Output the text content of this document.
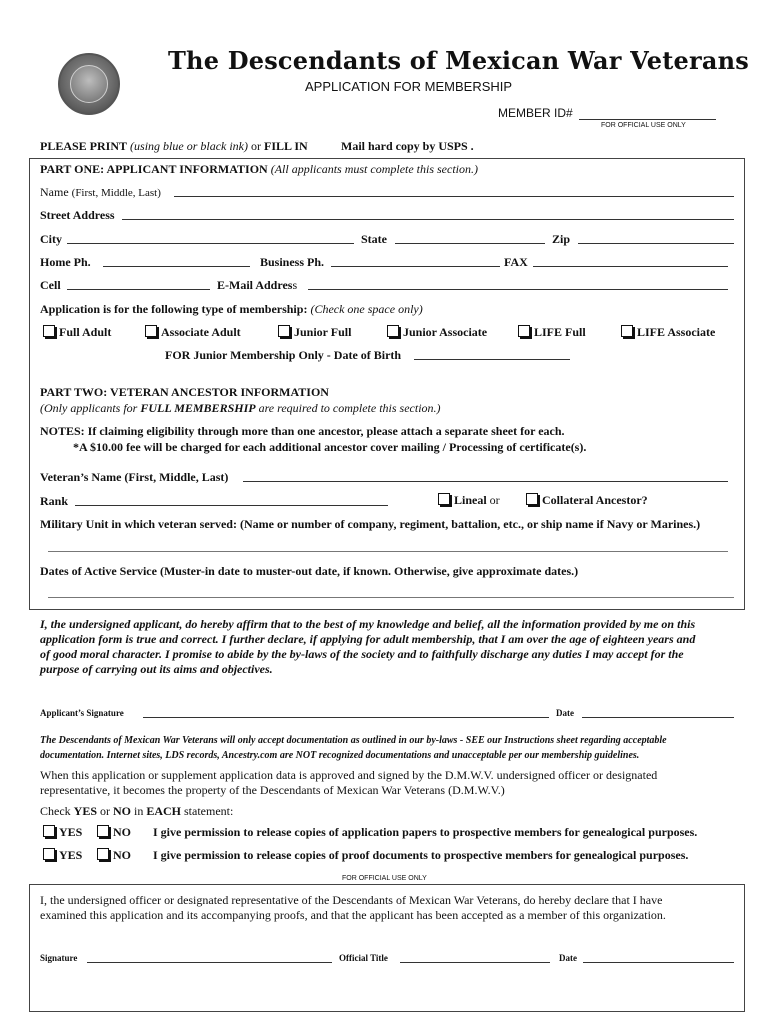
The Descendants of Mexican War Veterans
APPLICATION FOR MEMBERSHIP
MEMBER ID#
FOR OFFICIAL USE ONLY
PLEASE PRINT (using blue or black ink) or FILL IN	Mail hard copy by USPS .
PART ONE: APPLICANT INFORMATION (All applicants must complete this section.)
Name (First, Middle, Last)
Street Address
City	State	Zip
Home Ph.	Business Ph.	FAX
Cell	E-Mail Address
Application is for the following type of membership: (Check one space only)
Full Adult	Associate Adult	Junior Full	Junior Associate	LIFE Full	LIFE Associate
FOR Junior Membership Only - Date of Birth
PART TWO: VETERAN ANCESTOR INFORMATION
(Only applicants for FULL MEMBERSHIP are required to complete this section.)
NOTES: If claiming eligibility through more than one ancestor, please attach a separate sheet for each.
*A $10.00 fee will be charged for each additional ancestor cover mailing / Processing of certificate(s).
Veteran’s Name (First, Middle, Last)
Rank	Lineal or	Collateral Ancestor?
Military Unit in which veteran served: (Name or number of company, regiment, battalion, etc., or ship name if Navy or Marines.)
Dates of Active Service (Muster-in date to muster-out date, if known. Otherwise, give approximate dates.)
I, the undersigned applicant, do hereby affirm that to the best of my knowledge and belief, all the information provided by me on this
application form is true and correct. I further declare, if applying for adult membership, that I am over the age of eighteen years and
of good moral character. I promise to abide by the by-laws of the society and to faithfully discharge any duties I may accept for the
purpose of carrying out its aims and objectives.
Applicant’s Signature	Date
The Descendants of Mexican War Veterans will only accept documentation as outlined in our by-laws - SEE our Instructions sheet regarding acceptable
documentation. Internet sites, LDS records, Ancestry.com are NOT recognized documentations and unacceptable per our membership guidelines.
When this application or supplement application data is approved and signed by the D.M.W.V. undersigned officer or designated
representative, it becomes the property of the Descendants of Mexican War Veterans (D.M.W.V.)
Check YES or NO in EACH statement:
YES	NO I give permission to release copies of application papers to prospective members for genealogical purposes.
YES	NO I give permission to release copies of proof documents to prospective members for genealogical purposes.
FOR OFFICIAL USE ONLY
I, the undersigned officer or designated representative of the Descendants of Mexican War Veterans, do hereby declare that I have
examined this application and its accompanying proofs, and that the applicant has been accepted as a member of this organization.
Signature	Official Title	Date
